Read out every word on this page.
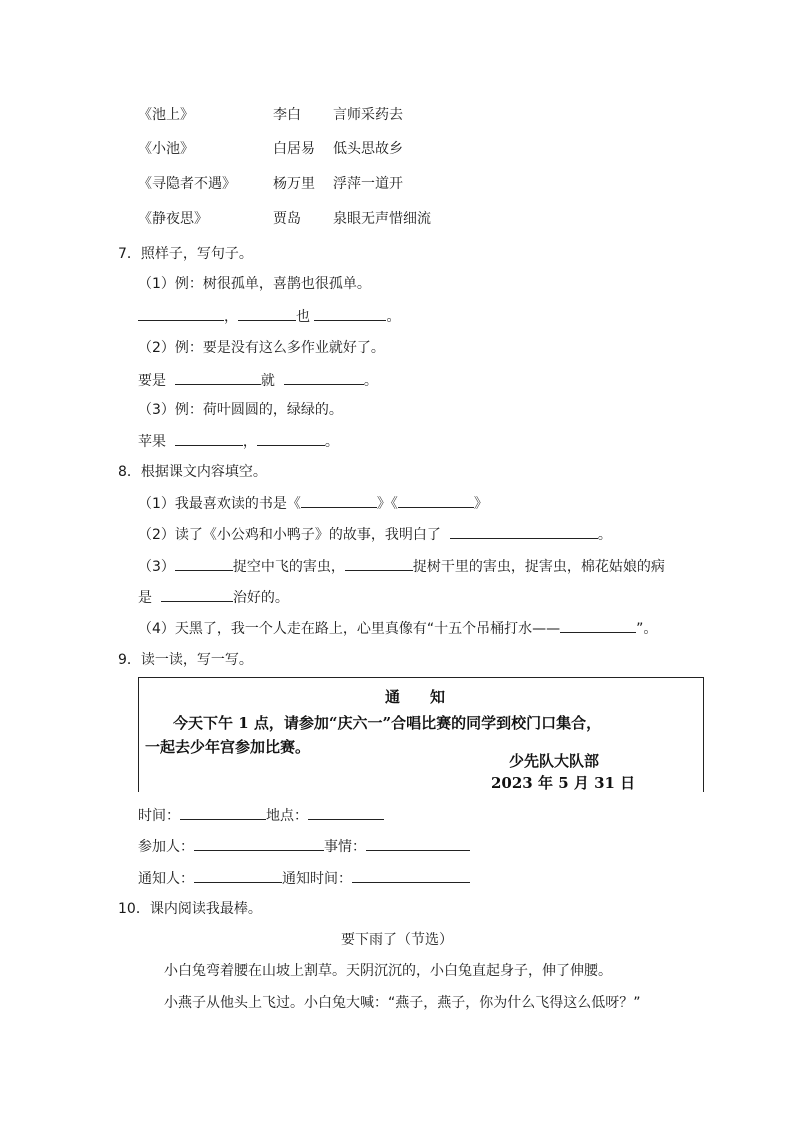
《池上》	李白 言师采药去
《小池》	白居易 低头思故乡
《寻隐者不遇》	杨万里 浮萍一道开
《静夜思》	贾岛 泉眼无声惜细流
7．照样子，写句子。
（1）例：树很孤单，喜鹊也很孤单。
，	也	。
（2）例：要是没有这么多作业就好了。
要是	就	。
（3）例：荷叶圆圆的，绿绿的。
苹果	，	。
8．根据课文内容填空。
（1）我最喜欢读的书是《	》《	》
（2）读了《小公鸡和小鸭子》的故事，我明白了	。
（3）	捉空中飞的害虫，	捉树干里的害虫，捉害虫，棉花姑娘的病
是	治好的。
（4）天黑了，我一个人走在路上，心里真像有“十五个吊桶打水——	”。
9．读一读，写一写。
通　　知
今天下午 1 点，请参加“庆六一”合唱比赛的同学到校门口集合，
一起去少年宫参加比赛。
少先队大队部
2023 年 5 月 31 日
时间：	地点：
参加人：	事情：
通知人：	通知时间：
10．课内阅读我最棒。
要下雨了（节选）
小白兔弯着腰在山坡上割草。天阴沉沉的，小白兔直起身子，伸了伸腰。
小燕子从他头上飞过。小白兔大喊：“燕子，燕子，你为什么飞得这么低呀？”
